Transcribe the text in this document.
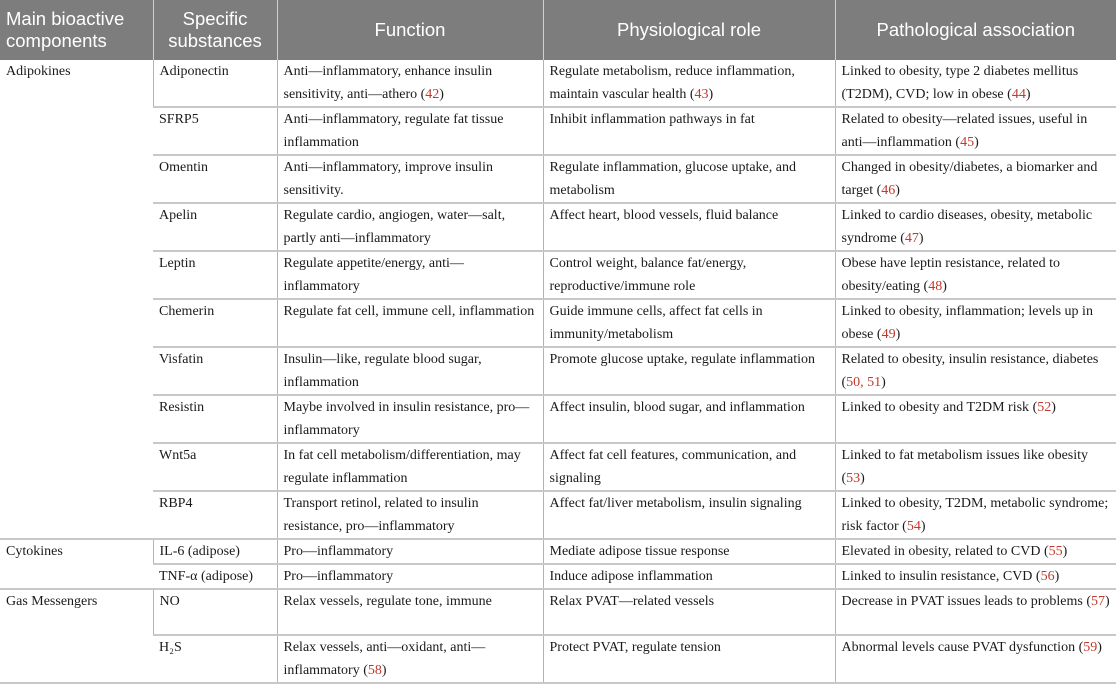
Main bioactive components	Specific substances	Function	Physiological role	Pathological association
Adipokines	Adiponectin	Anti—inflammatory, enhance insulin sensitivity, anti—athero (42)	Regulate metabolism, reduce inflammation, maintain vascular health (43)	Linked to obesity, type 2 diabetes mellitus (T2DM), CVD; low in obese (44)
	SFRP5	Anti—inflammatory, regulate fat tissue inflammation	Inhibit inflammation pathways in fat	Related to obesity—related issues, useful in anti—inflammation (45)
	Omentin	Anti—inflammatory, improve insulin sensitivity.	Regulate inflammation, glucose uptake, and metabolism	Changed in obesity/diabetes, a biomarker and target (46)
	Apelin	Regulate cardio, angiogen, water—salt, partly anti—inflammatory	Affect heart, blood vessels, fluid balance	Linked to cardio diseases, obesity, metabolic syndrome (47)
	Leptin	Regulate appetite/energy, anti—inflammatory	Control weight, balance fat/energy, reproductive/immune role	Obese have leptin resistance, related to obesity/eating (48)
	Chemerin	Regulate fat cell, immune cell, inflammation	Guide immune cells, affect fat cells in immunity/metabolism	Linked to obesity, inflammation; levels up in obese (49)
	Visfatin	Insulin—like, regulate blood sugar, inflammation	Promote glucose uptake, regulate inflammation	Related to obesity, insulin resistance, diabetes (50, 51)
	Resistin	Maybe involved in insulin resistance, pro—inflammatory	Affect insulin, blood sugar, and inflammation	Linked to obesity and T2DM risk (52)
	Wnt5a	In fat cell metabolism/differentiation, may regulate inflammation	Affect fat cell features, communication, and signaling	Linked to fat metabolism issues like obesity (53)
	RBP4	Transport retinol, related to insulin resistance, pro—inflammatory	Affect fat/liver metabolism, insulin signaling	Linked to obesity, T2DM, metabolic syndrome; risk factor (54)
Cytokines	IL-6 (adipose)	Pro—inflammatory	Mediate adipose tissue response	Elevated in obesity, related to CVD (55)
	TNF-α (adipose)	Pro—inflammatory	Induce adipose inflammation	Linked to insulin resistance, CVD (56)
Gas Messengers	NO	Relax vessels, regulate tone, immune	Relax PVAT—related vessels	Decrease in PVAT issues leads to problems (57)
	H₂S	Relax vessels, anti—oxidant, anti—inflammatory (58)	Protect PVAT, regulate tension	Abnormal levels cause PVAT dysfunction (59)
